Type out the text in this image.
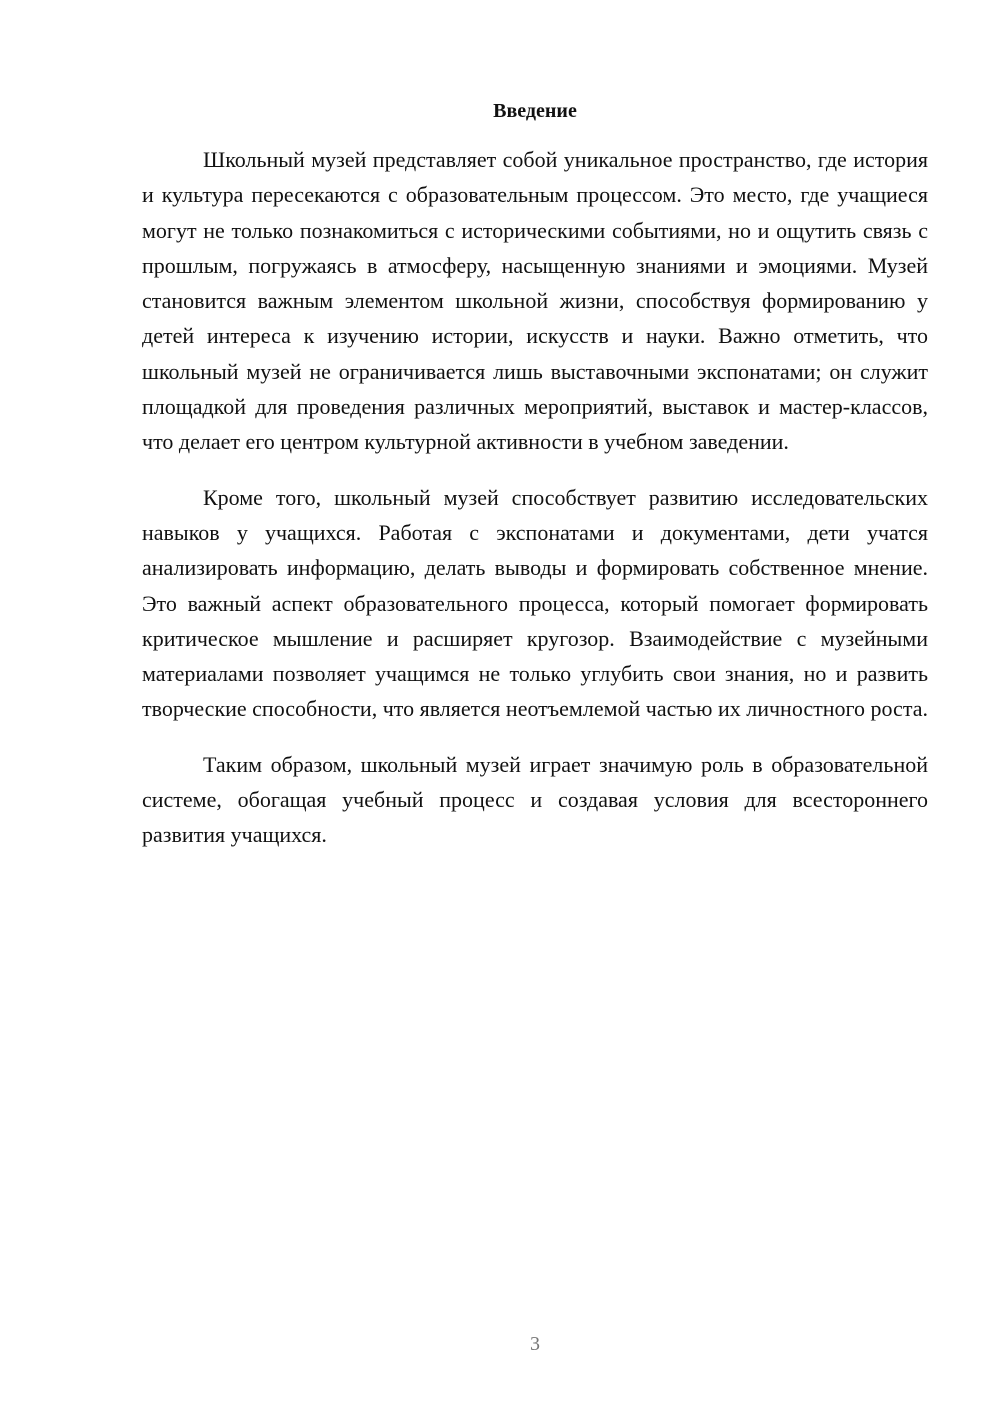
Введение

Школьный музей представляет собой уникальное пространство, где история и культура пересекаются с образовательным процессом. Это место, где учащиеся могут не только познакомиться с историческими событиями, но и ощутить связь с прошлым, погружаясь в атмосферу, насыщенную знаниями и эмоциями. Музей становится важным элементом школьной жизни, способствуя формированию у детей интереса к изучению истории, искусств и науки. Важно отметить, что школьный музей не ограничивается лишь выставочными экспонатами; он служит площадкой для проведения различных мероприятий, выставок и мастер-классов, что делает его центром культурной активности в учебном заведении.

Кроме того, школьный музей способствует развитию исследовательских навыков у учащихся. Работая с экспонатами и документами, дети учатся анализировать информацию, делать выводы и формировать собственное мнение. Это важный аспект образовательного процесса, который помогает формировать критическое мышление и расширяет кругозор. Взаимодействие с музейными материалами позволяет учащимся не только углубить свои знания, но и развить творческие способности, что является неотъемлемой частью их личностного роста.

Таким образом, школьный музей играет значимую роль в образовательной системе, обогащая учебный процесс и создавая условия для всестороннего развития учащихся.

3
